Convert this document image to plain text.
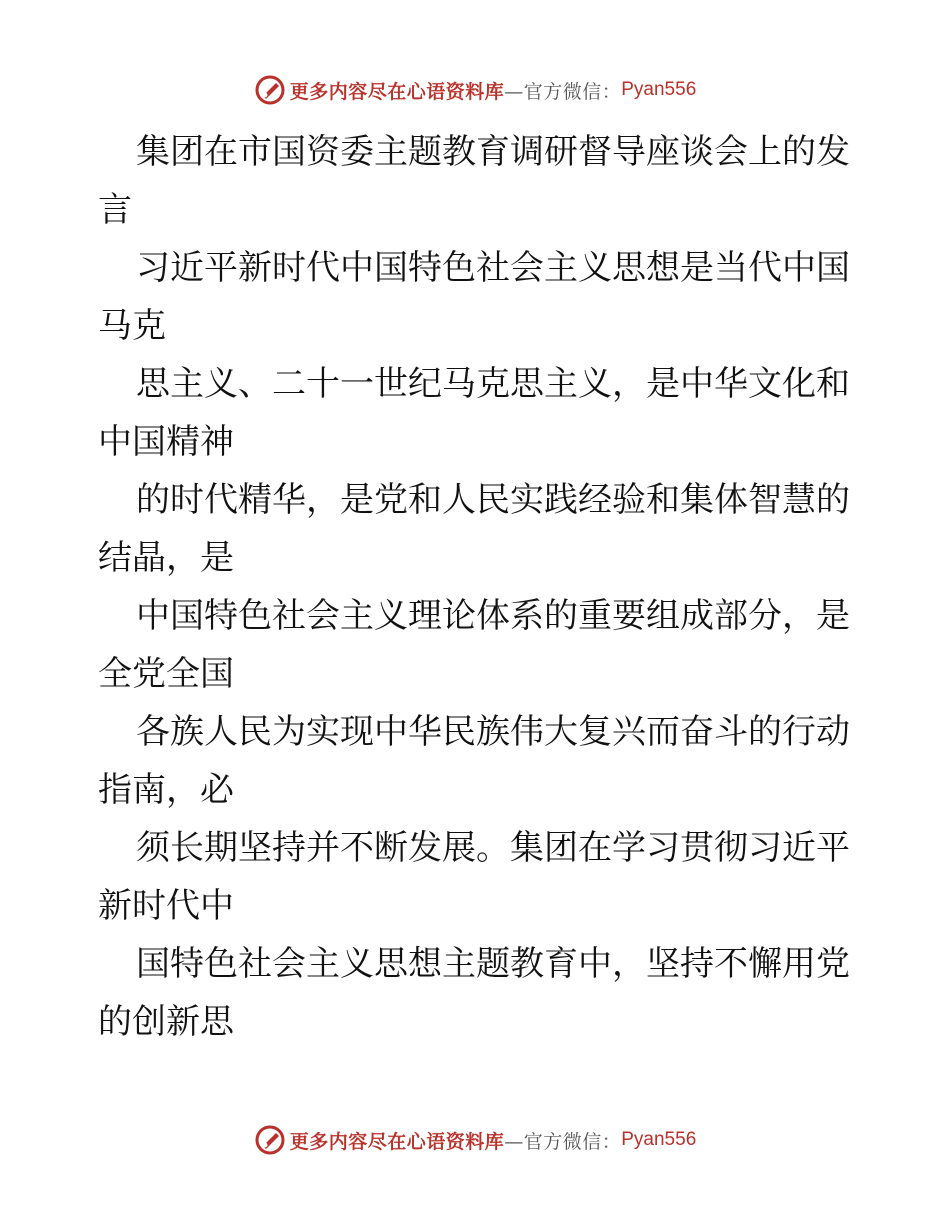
更多内容尽在心语资料库 —官方微信： Pyan556

集团在市国资委主题教育调研督导座谈会上的发
言

习近平新时代中国特色社会主义思想是当代中国
马克

思主义、二十一世纪马克思主义，是中华文化和
中国精神

的时代精华，是党和人民实践经验和集体智慧的
结晶，是

中国特色社会主义理论体系的重要组成部分，是
全党全国

各族人民为实现中华民族伟大复兴而奋斗的行动
指南，必

须长期坚持并不断发展。集团在学习贯彻习近平
新时代中

国特色社会主义思想主题教育中，坚持不懈用党
的创新思

更多内容尽在心语资料库 —官方微信： Pyan556
